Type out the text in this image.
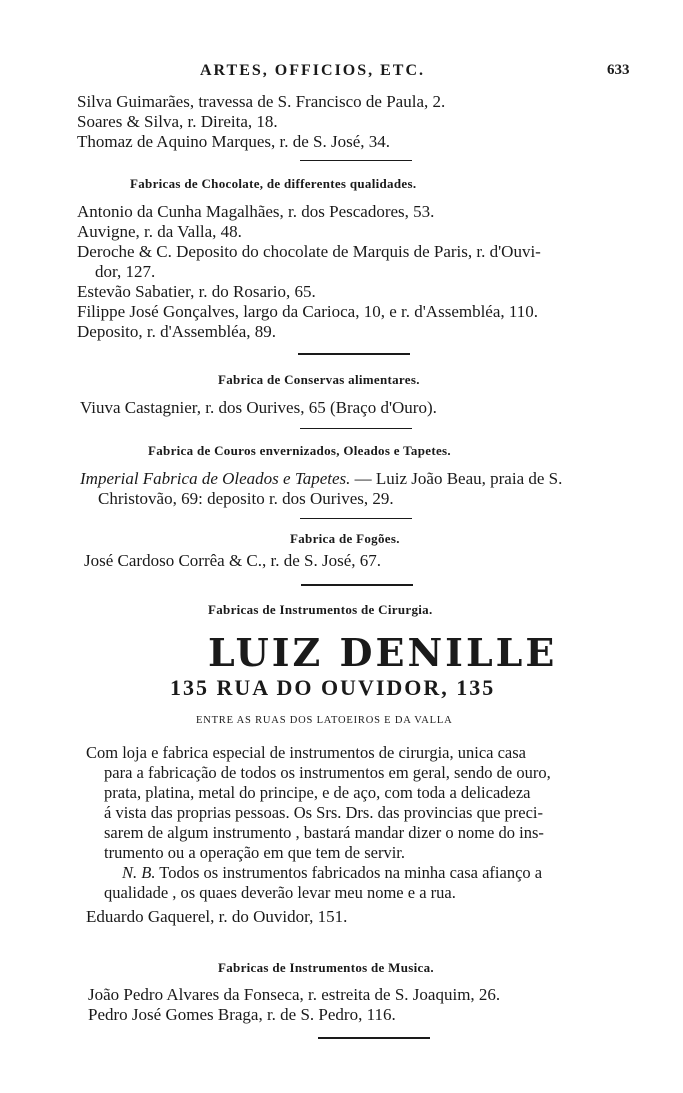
ARTES, OFFICIOS, ETC.	633
Silva Guimarães, travessa de S. Francisco de Paula, 2.
Soares & Silva, r. Direita, 18.
Thomaz de Aquino Marques, r. de S. José, 34.
Fabricas de Chocolate, de differentes qualidades.
Antonio da Cunha Magalhães, r. dos Pescadores, 53.
Auvigne, r. da Valla, 48.
Deroche & C. Deposito do chocolate de Marquis de Paris, r. d'Ouvi-
dor, 127.
Estevão Sabatier, r. do Rosario, 65.
Filippe José Gonçalves, largo da Carioca, 10, e r. d'Assembléa, 110.
Deposito, r. d'Assembléa, 89.
Fabrica de Conservas alimentares.
Viuva Castagnier, r. dos Ourives, 65 (Braço d'Ouro).
Fabrica de Couros envernizados, Oleados e Tapetes.
Imperial Fabrica de Oleados e Tapetes. — Luiz João Beau, praia de S.
Christovão, 69: deposito r. dos Ourives, 29.
Fabrica de Fogões.
José Cardoso Corrêa & C., r. de S. José, 67.
Fabricas de Instrumentos de Cirurgia.
LUIZ DENILLE
135 RUA DO OUVIDOR, 135
ENTRE AS RUAS DOS LATOEIROS E DA VALLA
Com loja e fabrica especial de instrumentos de cirurgia, unica casa
para a fabricação de todos os instrumentos em geral, sendo de ouro,
prata, platina, metal do principe, e de aço, com toda a delicadeza
á vista das proprias pessoas. Os Srs. Drs. das provincias que preci-
sarem de algum instrumento , bastará mandar dizer o nome do ins-
trumento ou a operação em que tem de servir.
N. B. Todos os instrumentos fabricados na minha casa afianço a
qualidade , os quaes deverão levar meu nome e a rua.
Eduardo Gaquerel, r. do Ouvidor, 151.
Fabricas de Instrumentos de Musica.
João Pedro Alvares da Fonseca, r. estreita de S. Joaquim, 26.
Pedro José Gomes Braga, r. de S. Pedro, 116.
